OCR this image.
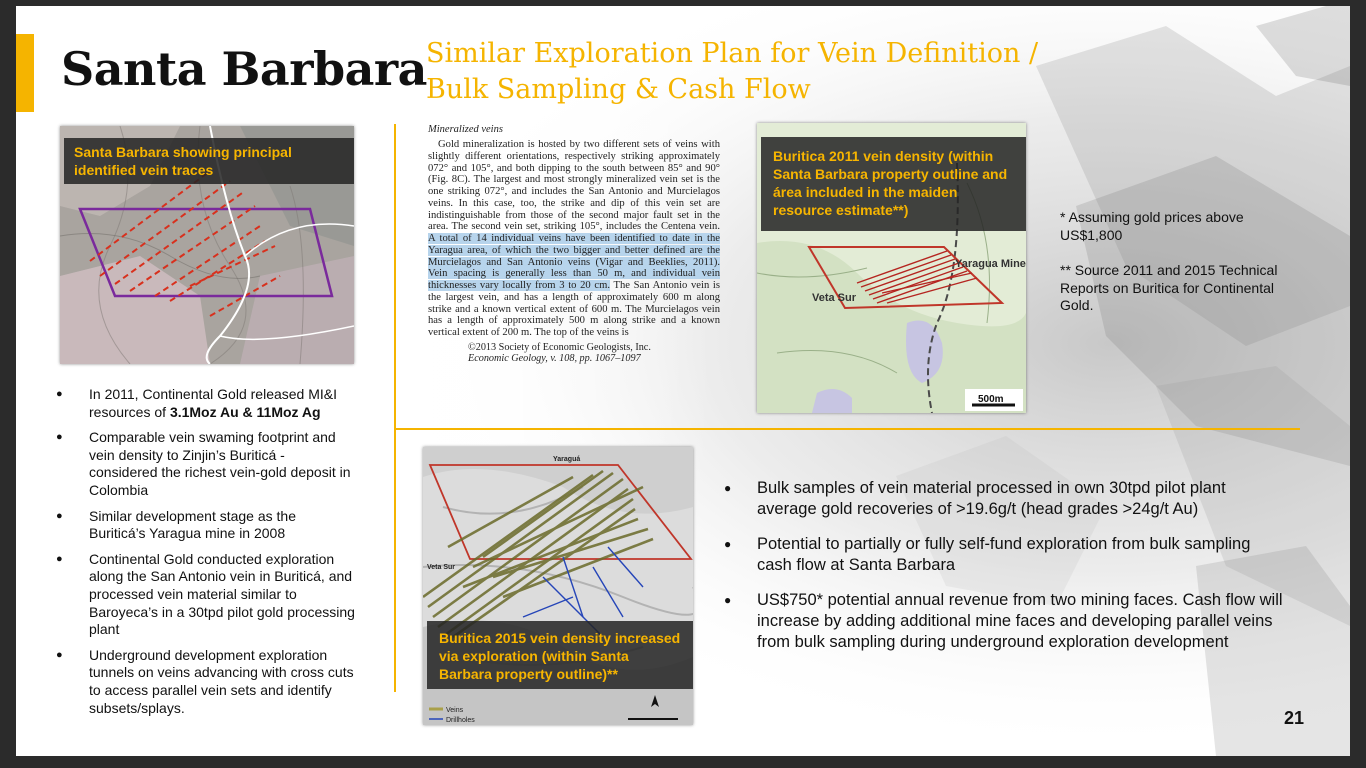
Santa Barbara Similar Exploration Plan for Vein Definition / Bulk Sampling & Cash Flow
Santa Barbara showing principal identified vein traces
Mineralized veins

Gold mineralization is hosted by two different sets of veins with slightly different orientations, respectively striking approximately 072° and 105°, and both dipping to the south between 85° and 90° (Fig. 8C). The largest and most strongly mineralized vein set is the one striking 072°, and includes the San Antonio and Murcielagos veins. In this case, too, the strike and dip of this vein set are indistinguishable from those of the second major fault set in the area. The second vein set, striking 105°, includes the Centena vein. A total of 14 individual veins have been identified to date in the Yaragua area, of which the two bigger and better defined are the Murcielagos and San Antonio veins (Vigar and Beeklies, 2011). Vein spacing is generally less than 50 m, and individual vein thicknesses vary locally from 3 to 20 cm. The San Antonio vein is the largest vein, and has a length of approximately 600 m along strike and a known vertical extent of 600 m. The Murcielagos vein has a length of approximately 500 m along strike and a known vertical extent of 200 m. The top of the veins is

©2013 Society of Economic Geologists, Inc.
Economic Geology, v. 108, pp. 1067–1097
Veta Sur
Yaragua Mine
500m
Buritica 2011 vein density (within Santa Barbara property outline and área included in the maiden resource estimate**)	* Assuming gold prices above US$1,800

** Source 2011 and 2015 Technical Reports on Buritica for Continental Gold.

● In 2011, Continental Gold released MI&I resources of 3.1Moz Au & 11Moz Ag
● Comparable vein swaming footprint and vein density to Zinjin’s Buriticá - considered the richest vein-gold deposit in Colombia
● Similar development stage as the Buriticá’s Yaragua mine in 2008
● Continental Gold conducted exploration along the San Antonio vein in Buriticá, and processed vein material similar to Baroyeca’s in a 30tpd pilot gold processing plant
● Underground development exploration tunnels on veins advancing with cross cuts to access parallel vein sets and identify subsets/splays.
Yaraguá
Veta Sur
Veins
Drillholes
Buritica 2015 vein density increased via exploration (within Santa Barbara property outline)**
● Bulk samples of vein material processed in own 30tpd pilot plant average gold recoveries of >19.6g/t (head grades >24g/t Au)
● Potential to partially or fully self-fund exploration from bulk sampling cash flow at Santa Barbara
● US$750* potential annual revenue from two mining faces. Cash flow will increase by adding additional mine faces and developing parallel veins from bulk sampling during underground exploration development
21
